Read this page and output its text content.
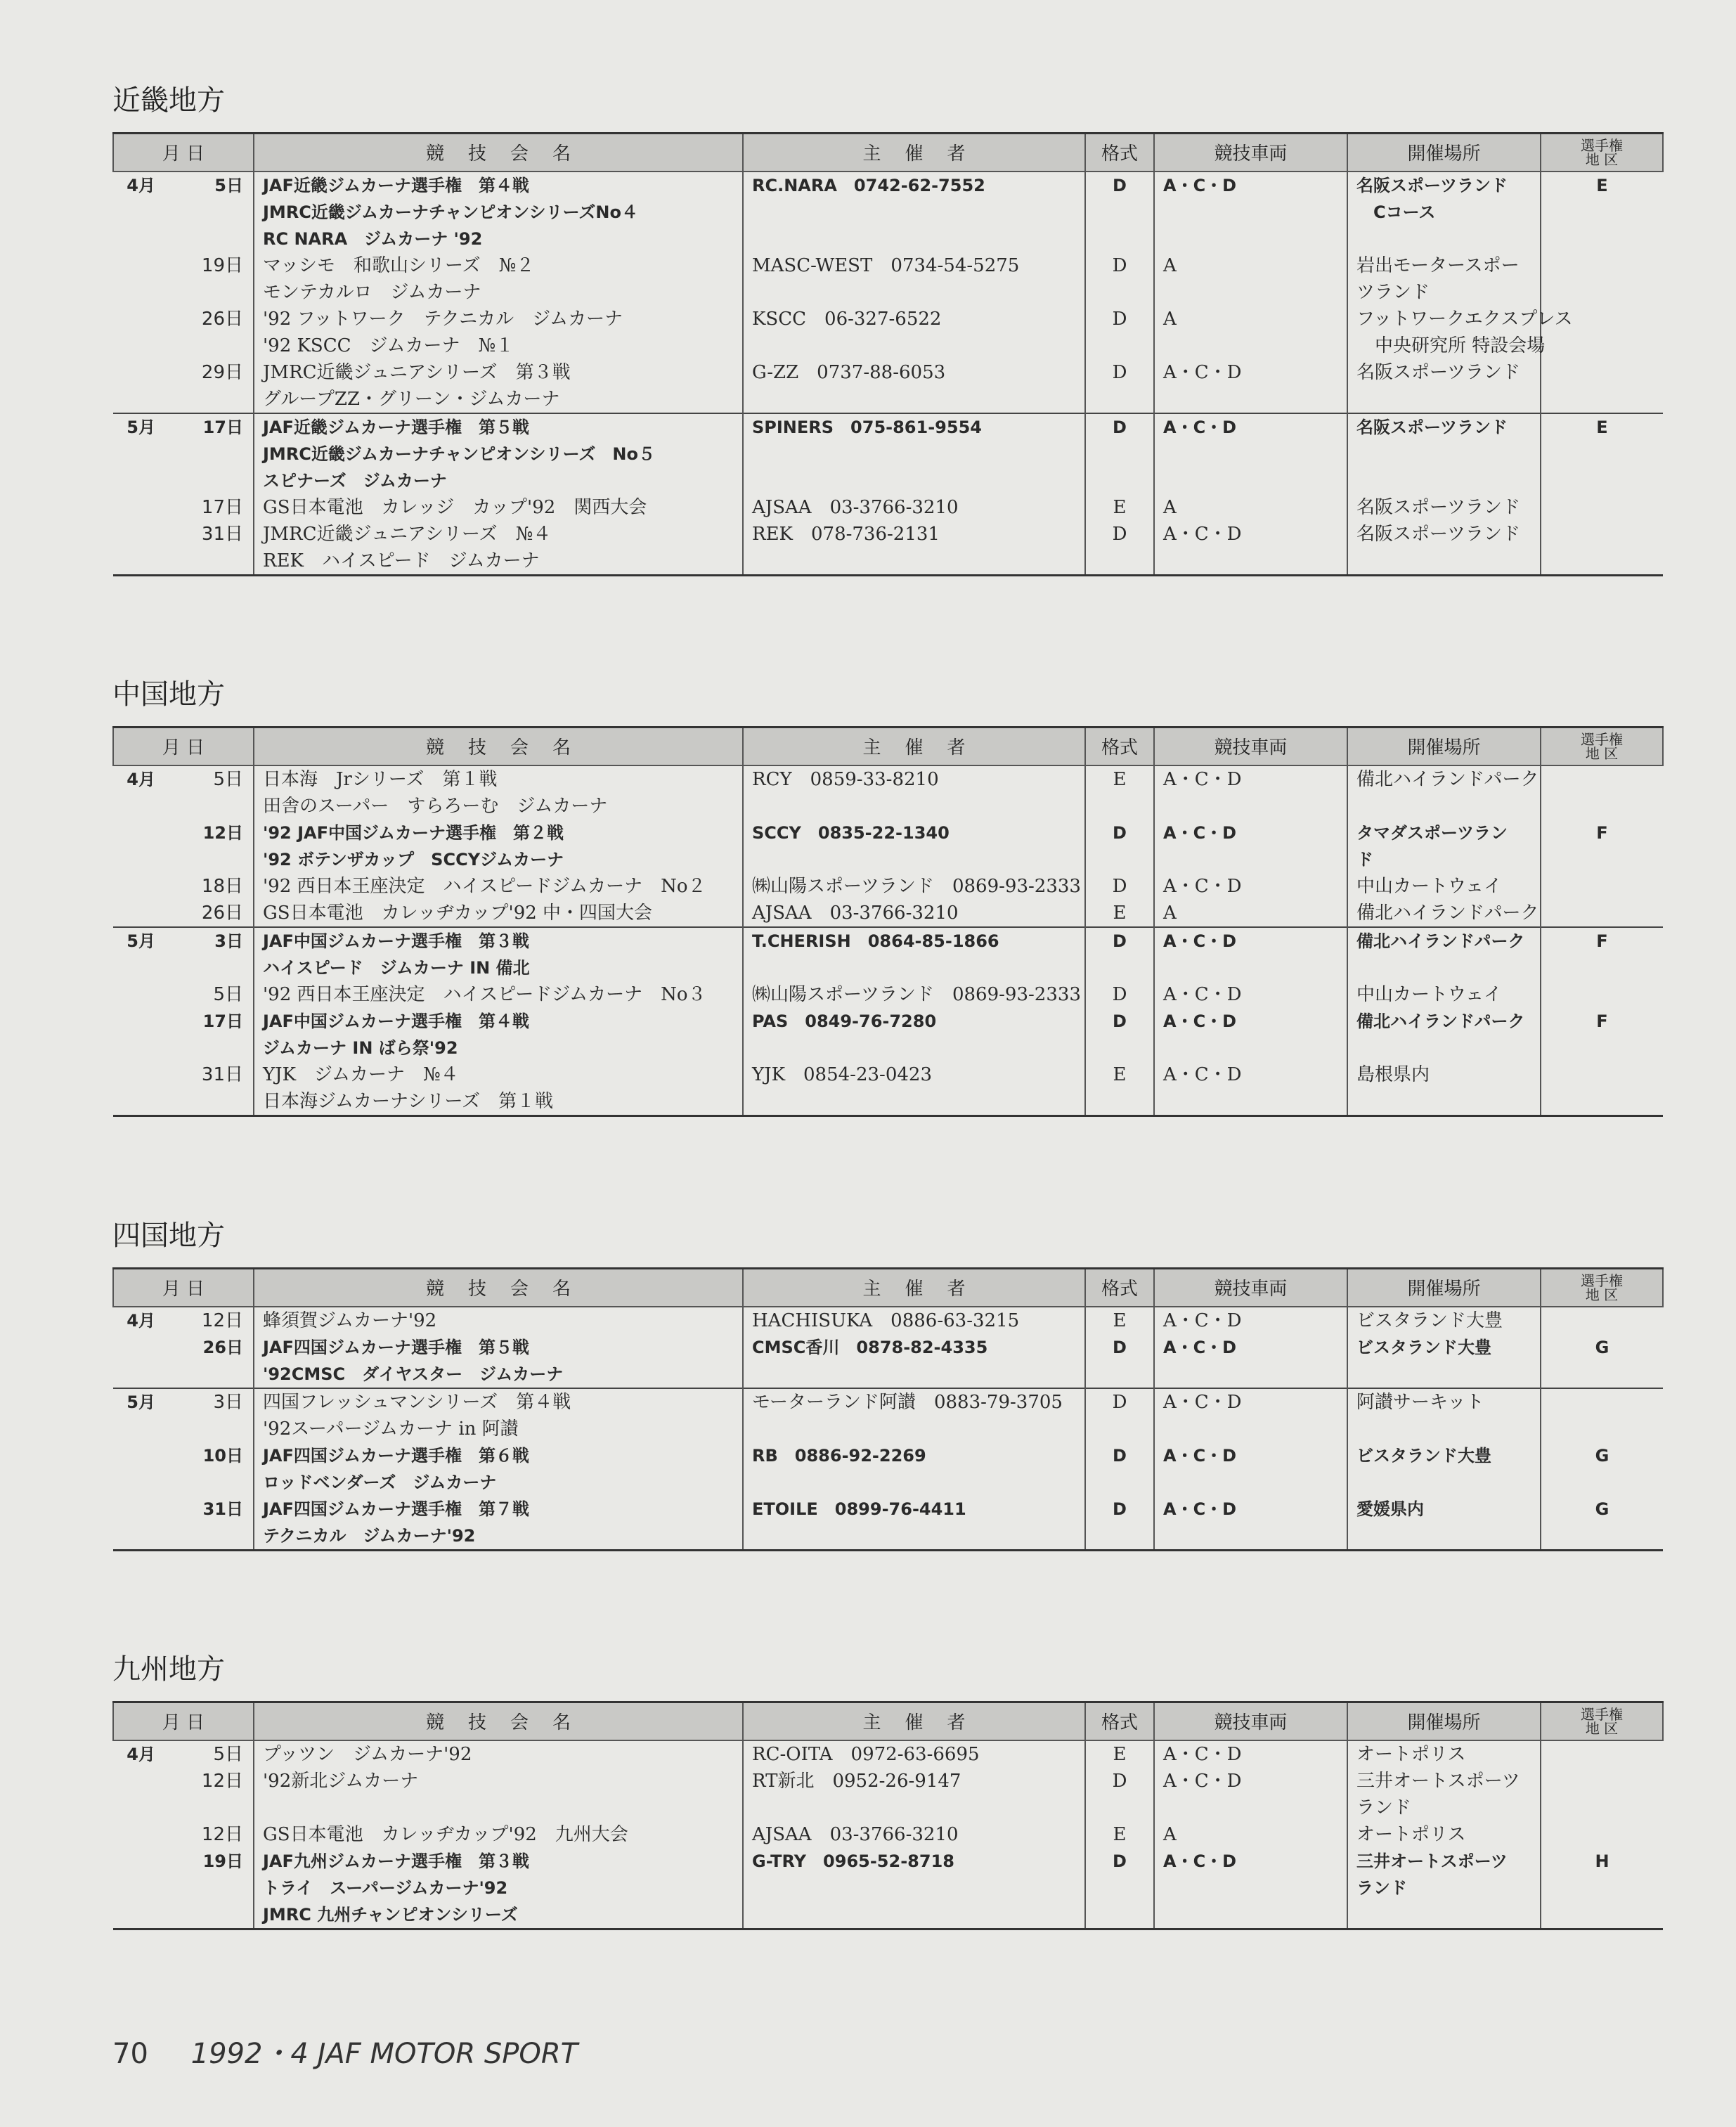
近畿地方
月 日	競技会名	主催者	格式	競技車両	開催場所	選手権
地 区

4月 5日	JAF近畿ジムカーナ選手権　第４戦
JMRC近畿ジムカーナチャンピオンシリーズNo４
RC NARA　ジムカーナ '92	RC.NARA　0742-62-7552	D	A・C・D	名阪スポーツランド
　Cコース	E

19日	マッシモ　和歌山シリーズ　№２
モンテカルロ　ジムカーナ	MASC-WEST　0734-54-5275	D	A	岩出モータースポー
ツランド	

26日	'92 フットワーク　テクニカル　ジムカーナ
'92 KSCC　ジムカーナ　№１	KSCC　06-327-6522	D	A	フットワークエクスプレス
　中央研究所 特設会場	

29日	JMRC近畿ジュニアシリーズ　第３戦
グループZZ・グリーン・ジムカーナ	G-ZZ　0737-88-6053	D	A・C・D	名阪スポーツランド	

5月 17日	JAF近畿ジムカーナ選手権　第５戦
JMRC近畿ジムカーナチャンピオンシリーズ　No５
スピナーズ　ジムカーナ	SPINERS　075-861-9554	D	A・C・D	名阪スポーツランド	E

17日	GS日本電池　カレッジ　カップ'92　関西大会	AJSAA　03-3766-3210	E	A	名阪スポーツランド	

31日	JMRC近畿ジュニアシリーズ　№４
REK　ハイスピード　ジムカーナ	REK　078-736-2131	D	A・C・D	名阪スポーツランド	

中国地方
月 日	競技会名	主催者	格式	競技車両	開催場所	選手権
地 区

4月 5日	日本海　Jrシリーズ　第１戦
田舎のスーパー　すらろーむ　ジムカーナ	RCY　0859-33-8210	E	A・C・D	備北ハイランドパーク	

12日	'92 JAF中国ジムカーナ選手権　第２戦
'92 ボテンザカップ　SCCYジムカーナ	SCCY　0835-22-1340	D	A・C・D	タマダスポーツラン
ド	F

18日	'92 西日本王座決定　ハイスピードジムカーナ　No２	㈱山陽スポーツランド　0869-93-2333	D	A・C・D	中山カートウェイ	

26日	GS日本電池　カレッヂカップ'92 中・四国大会	AJSAA　03-3766-3210	E	A	備北ハイランドパーク	

5月 3日	JAF中国ジムカーナ選手権　第３戦
ハイスピード　ジムカーナ IN 備北	T.CHERISH　0864-85-1866	D	A・C・D	備北ハイランドパーク	F

5日	'92 西日本王座決定　ハイスピードジムカーナ　No３	㈱山陽スポーツランド　0869-93-2333	D	A・C・D	中山カートウェイ	

17日	JAF中国ジムカーナ選手権　第４戦
ジムカーナ IN ばら祭'92	PAS　0849-76-7280	D	A・C・D	備北ハイランドパーク	F

31日	YJK　ジムカーナ　№４
日本海ジムカーナシリーズ　第１戦	YJK　0854-23-0423	E	A・C・D	島根県内	

四国地方
月 日	競技会名	主催者	格式	競技車両	開催場所	選手権
地 区

4月 12日	蜂須賀ジムカーナ'92	HACHISUKA　0886-63-3215	E	A・C・D	ビスタランド大豊	

26日	JAF四国ジムカーナ選手権　第５戦
'92CMSC　ダイヤスター　ジムカーナ	CMSC香川　0878-82-4335	D	A・C・D	ビスタランド大豊	G

5月 3日	四国フレッシュマンシリーズ　第４戦
'92スーパージムカーナ in 阿讃	モーターランド阿讃　0883-79-3705	D	A・C・D	阿讃サーキット	

10日	JAF四国ジムカーナ選手権　第６戦
ロッドベンダーズ　ジムカーナ	RB　0886-92-2269	D	A・C・D	ビスタランド大豊	G

31日	JAF四国ジムカーナ選手権　第７戦
テクニカル　ジムカーナ'92	ETOILE　0899-76-4411	D	A・C・D	愛媛県内	G
九州地方
月 日	競技会名	主催者	格式	競技車両	開催場所	選手権
地 区

4月 5日	プッツン　ジムカーナ'92	RC-OITA　0972-63-6695	E	A・C・D	オートポリス	

12日	'92新北ジムカーナ	RT新北　0952-26-9147	D	A・C・D	三井オートスポーツ
ランド	

12日	GS日本電池　カレッヂカップ'92　九州大会	AJSAA　03-3766-3210	E	A	オートポリス	

19日	JAF九州ジムカーナ選手権　第３戦
トライ　スーパージムカーナ'92
JMRC 九州チャンピオンシリーズ	G-TRY　0965-52-8718	D	A・C・D	三井オートスポーツ
ランド	H
70 1992・4 JAF MOTOR SPORT
